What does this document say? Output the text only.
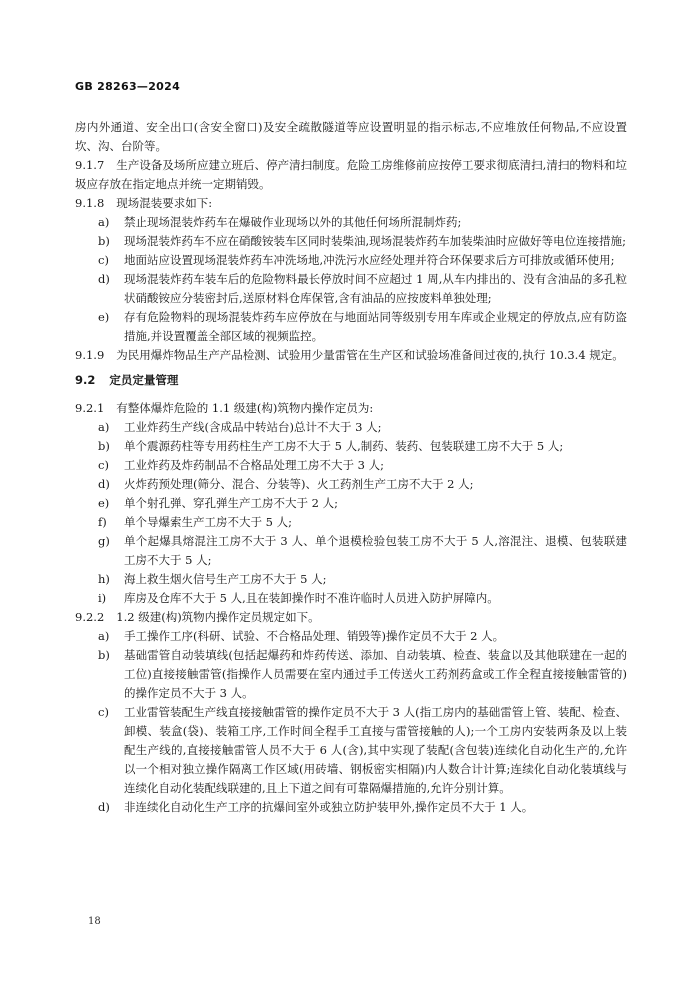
GB 28263—2024

房内外通道、安全出口(含安全窗口)及安全疏散隧道等应设置明显的指示标志,不应堆放任何物品,不应设置坎、沟、台阶等。

9.1.7 生产设备及场所应建立班后、停产清扫制度。危险工房维修前应按停工要求彻底清扫,清扫的物料和垃圾应存放在指定地点并统一定期销毁。

9.1.8 现场混装要求如下:

a) 禁止现场混装炸药车在爆破作业现场以外的其他任何场所混制炸药;
b) 现场混装炸药车不应在硝酸铵装车区同时装柴油,现场混装炸药车加装柴油时应做好等电位连接措施;
c) 地面站应设置现场混装炸药车冲洗场地,冲洗污水应经处理并符合环保要求后方可排放或循环使用;
d) 现场混装炸药车装车后的危险物料最长停放时间不应超过 1 周,从车内排出的、没有含油品的多孔粒状硝酸铵应分装密封后,送原材料仓库保管,含有油品的应按废料单独处理;
e) 存有危险物料的现场混装炸药车应停放在与地面站同等级别专用车库或企业规定的停放点,应有防盗措施,并设置覆盖全部区域的视频监控。

9.1.9 为民用爆炸物品生产产品检测、试验用少量雷管在生产区和试验场准备间过夜的,执行 10.3.4 规定。

9.2 定员定量管理

9.2.1 有整体爆炸危险的 1.1 级建(构)筑物内操作定员为:

a) 工业炸药生产线(含成品中转站台)总计不大于 3 人;
b) 单个震源药柱等专用药柱生产工房不大于 5 人,制药、装药、包装联建工房不大于 5 人;
c) 工业炸药及炸药制品不合格品处理工房不大于 3 人;
d) 火炸药预处理(筛分、混合、分装等)、火工药剂生产工房不大于 2 人;
e) 单个射孔弹、穿孔弹生产工房不大于 2 人;
f) 单个导爆索生产工房不大于 5 人;
g) 单个起爆具熔混注工房不大于 3 人、单个退模检验包装工房不大于 5 人,溶混注、退模、包装联建工房不大于 5 人;
h) 海上救生烟火信号生产工房不大于 5 人;
i) 库房及仓库不大于 5 人,且在装卸操作时不准许临时人员进入防护屏障内。

9.2.2 1.2 级建(构)筑物内操作定员规定如下。

a) 手工操作工序(科研、试验、不合格品处理、销毁等)操作定员不大于 2 人。
b) 基础雷管自动装填线(包括起爆药和炸药传送、添加、自动装填、检查、装盒以及其他联建在一起的工位)直接接触雷管(指操作人员需要在室内通过手工传送火工药剂药盒或工作全程直接接触雷管的)的操作定员不大于 3 人。
c) 工业雷管装配生产线直接接触雷管的操作定员不大于 3 人(指工房内的基础雷管上管、装配、检查、卸模、装盒(袋)、装箱工序,工作时间全程手工直接与雷管接触的人);一个工房内安装两条及以上装配生产线的,直接接触雷管人员不大于 6 人(含),其中实现了装配(含包装)连续化自动化生产的,允许以一个相对独立操作隔离工作区域(用砖墙、钢板密实相隔)内人数合计计算;连续化自动化装填线与连续化自动化装配线联建的,且上下道之间有可靠隔爆措施的,允许分别计算。
d) 非连续化自动化生产工序的抗爆间室外或独立防护装甲外,操作定员不大于 1 人。
18
